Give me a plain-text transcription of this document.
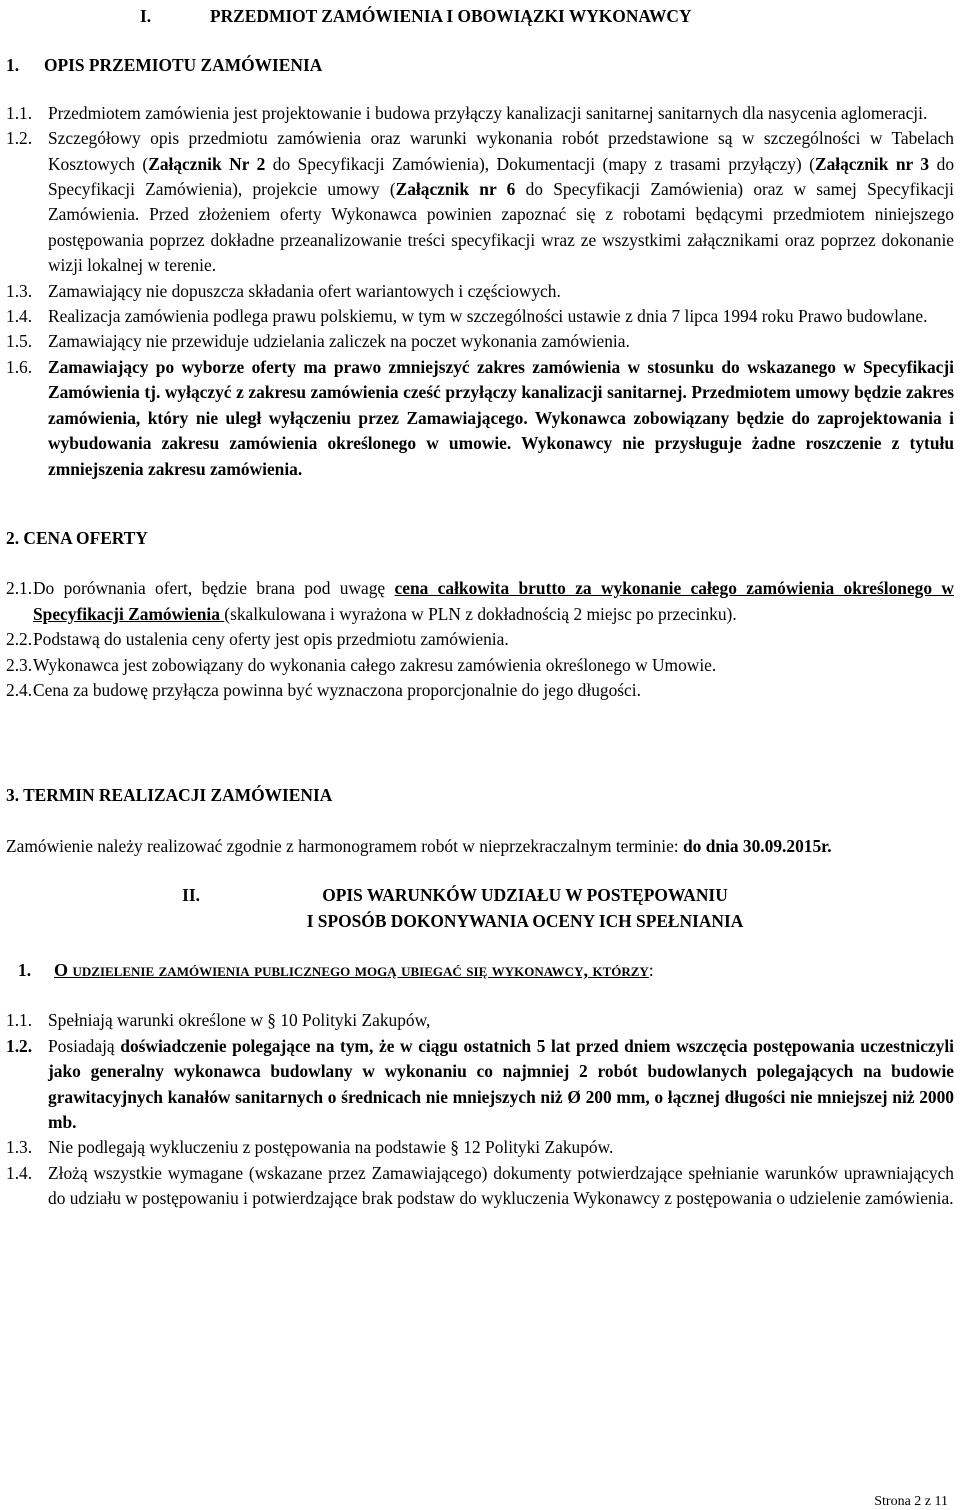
I.	PRZEDMIOT ZAMÓWIENIA I OBOWIĄZKI WYKONAWCY
1.	OPIS PRZEMIOTU ZAMÓWIENIA
1.1. Przedmiotem zamówienia jest projektowanie i budowa przyłączy kanalizacji sanitarnej sanitarnych dla nasycenia aglomeracji.
1.2. Szczegółowy opis przedmiotu zamówienia oraz warunki wykonania robót przedstawione są w szczególności w Tabelach Kosztowych (Załącznik Nr 2 do Specyfikacji Zamówienia), Dokumentacji (mapy z trasami przyłączy) (Załącznik nr 3 do Specyfikacji Zamówienia), projekcie umowy (Załącznik nr 6 do Specyfikacji Zamówienia) oraz w samej Specyfikacji Zamówienia. Przed złożeniem oferty Wykonawca powinien zapoznać się z robotami będącymi przedmiotem niniejszego postępowania poprzez dokładne przeanalizowanie treści specyfikacji wraz ze wszystkimi załącznikami oraz poprzez dokonanie wizji lokalnej w terenie.
1.3. Zamawiający nie dopuszcza składania ofert wariantowych i częściowych.
1.4. Realizacja zamówienia podlega prawu polskiemu, w tym w szczególności ustawie z dnia 7 lipca 1994 roku Prawo budowlane.
1.5. Zamawiający nie przewiduje udzielania zaliczek na poczet wykonania zamówienia.
1.6. Zamawiający po wyborze oferty ma prawo zmniejszyć zakres zamówienia w stosunku do wskazanego w Specyfikacji Zamówienia tj. wyłączyć z zakresu zamówienia cześć przyłączy kanalizacji sanitarnej. Przedmiotem umowy będzie zakres zamówienia, który nie uległ wyłączeniu przez Zamawiającego. Wykonawca zobowiązany będzie do zaprojektowania i wybudowania zakresu zamówienia określonego w umowie. Wykonawcy nie przysługuje żadne roszczenie z tytułu zmniejszenia zakresu zamówienia.
2. CENA OFERTY
2.1. Do porównania ofert, będzie brana pod uwagę cena całkowita brutto za wykonanie całego zamówienia określonego w Specyfikacji Zamówienia (skalkulowana i wyrażona w PLN z dokładnością 2 miejsc po przecinku).
2.2. Podstawą do ustalenia ceny oferty jest opis przedmiotu zamówienia.
2.3. Wykonawca jest zobowiązany do wykonania całego zakresu zamówienia określonego w Umowie.
2.4. Cena za budowę przyłącza powinna być wyznaczona proporcjonalnie do jego długości.
3. TERMIN REALIZACJI ZAMÓWIENIA
Zamówienie należy realizować zgodnie z harmonogramem robót w nieprzekraczalnym terminie: do dnia 30.09.2015r.
II.	OPIS WARUNKÓW UDZIAŁU W POSTĘPOWANIU
I SPOSÓB DOKONYWANIA OCENY ICH SPEŁNIANIA
1.	O udzielenie zamówienia publicznego mogą ubiegać się wykonawcy, którzy:
1.1. Spełniają warunki określone w § 10 Polityki Zakupów,
1.2. Posiadają doświadczenie polegające na tym, że w ciągu ostatnich 5 lat przed dniem wszczęcia postępowania uczestniczyli jako generalny wykonawca budowlany w wykonaniu co najmniej 2 robót budowlanych polegających na budowie grawitacyjnych kanałów sanitarnych o średnicach nie mniejszych niż Ø 200 mm, o łącznej długości nie mniejszej niż 2000 mb.
1.3. Nie podlegają wykluczeniu z postępowania na podstawie § 12 Polityki Zakupów.
1.4. Złożą wszystkie wymagane (wskazane przez Zamawiającego) dokumenty potwierdzające spełnianie warunków uprawniających do udziału w postępowaniu i potwierdzające brak podstaw do wykluczenia Wykonawcy z postępowania o udzielenie zamówienia.
Strona 2 z 11
